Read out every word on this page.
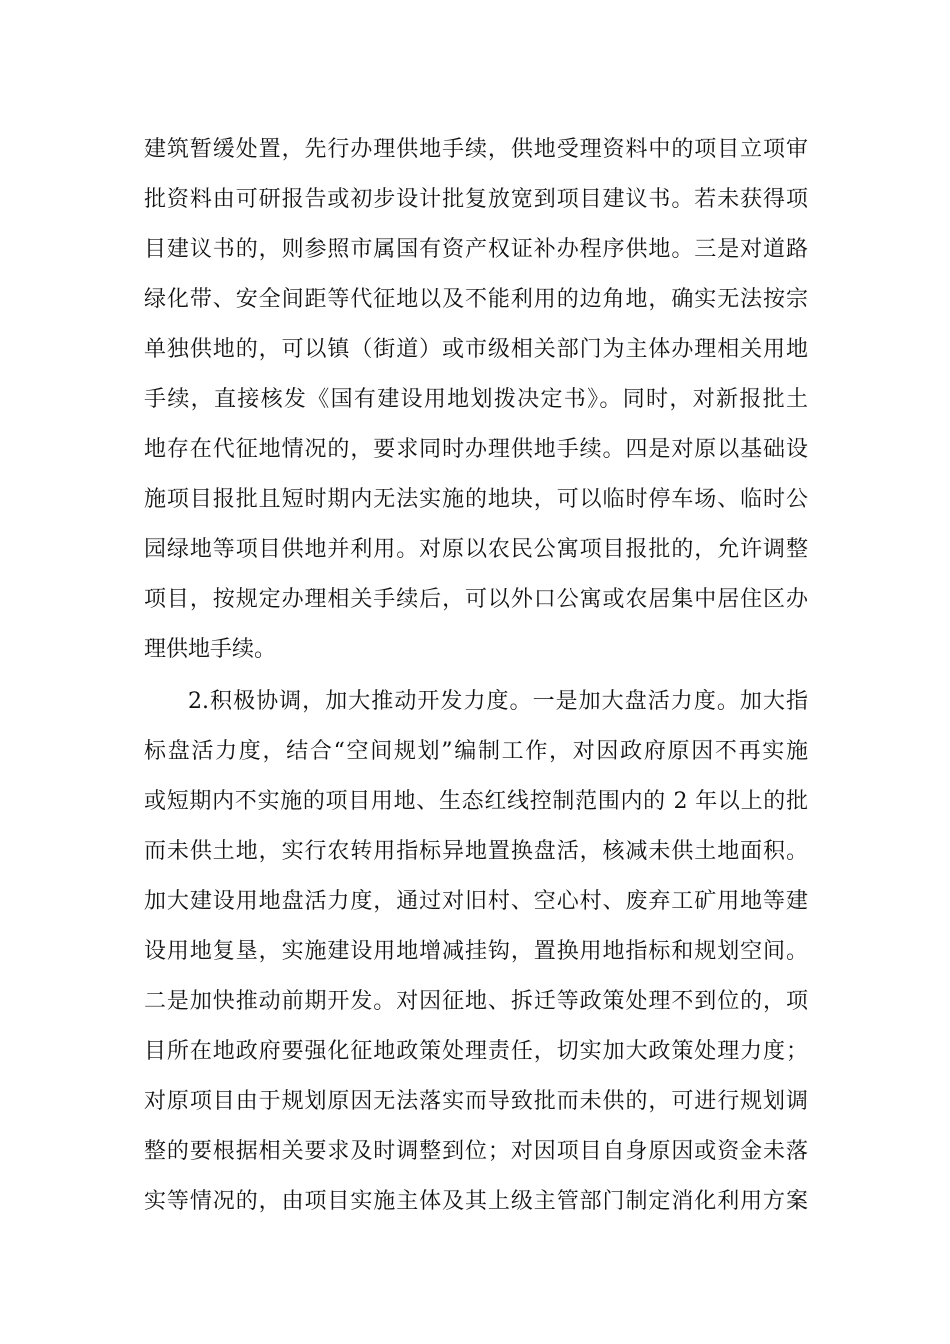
建筑暂缓处置，先行办理供地手续，供地受理资料中的项目立项审
批资料由可研报告或初步设计批复放宽到项目建议书。若未获得项
目建议书的，则参照市属国有资产权证补办程序供地。三是对道路
绿化带、安全间距等代征地以及不能利用的边角地，确实无法按宗
单独供地的，可以镇（街道）或市级相关部门为主体办理相关用地
手续，直接核发《国有建设用地划拨决定书》。同时，对新报批土
地存在代征地情况的，要求同时办理供地手续。四是对原以基础设
施项目报批且短时期内无法实施的地块，可以临时停车场、临时公
园绿地等项目供地并利用。对原以农民公寓项目报批的，允许调整
项目，按规定办理相关手续后，可以外口公寓或农居集中居住区办
理供地手续。
2.积极协调，加大推动开发力度。一是加大盘活力度。加大指
标盘活力度，结合“空间规划”编制工作，对因政府原因不再实施
或短期内不实施的项目用地、生态红线控制范围内的 2 年以上的批
而未供土地，实行农转用指标异地置换盘活，核减未供土地面积。
加大建设用地盘活力度，通过对旧村、空心村、废弃工矿用地等建
设用地复垦，实施建设用地增减挂钩，置换用地指标和规划空间。
二是加快推动前期开发。对因征地、拆迁等政策处理不到位的，项
目所在地政府要强化征地政策处理责任，切实加大政策处理力度；
对原项目由于规划原因无法落实而导致批而未供的，可进行规划调
整的要根据相关要求及时调整到位；对因项目自身原因或资金未落
实等情况的，由项目实施主体及其上级主管部门制定消化利用方案
